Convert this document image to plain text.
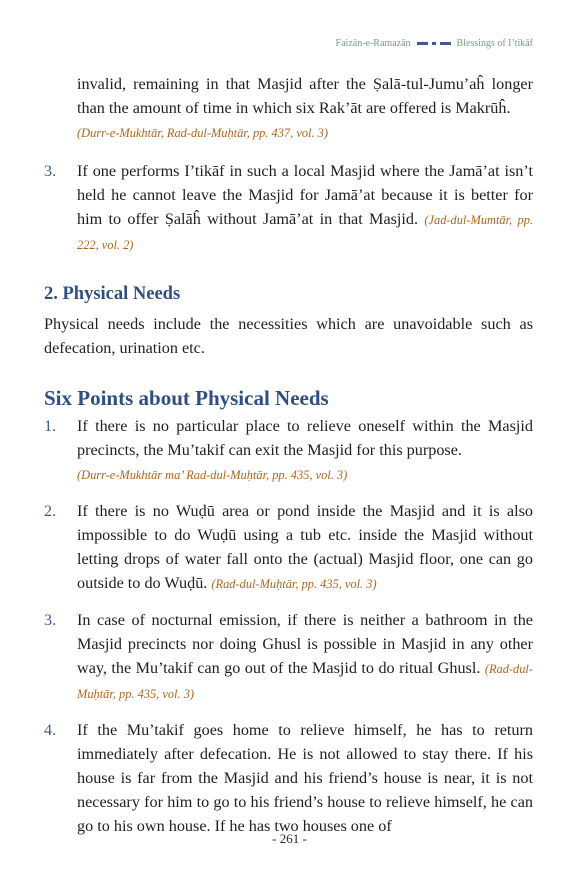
Faizān-e-Ramazān	Blessings of I’tikāf

invalid, remaining in that Masjid after the Ṣalā-tul-Jumu’aĥ longer than the amount of time in which six Rak’āt are offered is Makrūĥ.
(Durr-e-Mukhtār, Rad-dul-Muḥtār, pp. 437, vol. 3)

3.	If one performs I’tikāf in such a local Masjid where the Jamā’at isn’t held he cannot leave the Masjid for Jamā’at because it is better for him to offer Ṣalāĥ without Jamā’at in that Masjid. (Jad-dul-Mumtār, pp. 222, vol. 2)

2. Physical Needs

Physical needs include the necessities which are unavoidable such as defecation, urination etc.

Six Points about Physical Needs
1.	If there is no particular place to relieve oneself within the Masjid precincts, the Mu’takif can exit the Masjid for this purpose.
(Durr-e-Mukhtār ma’ Rad-dul-Muḥtār, pp. 435, vol. 3)

2.	If there is no Wuḍū area or pond inside the Masjid and it is also impossible to do Wuḍū using a tub etc. inside the Masjid without letting drops of water fall onto the (actual) Masjid floor, one can go outside to do Wuḍū. (Rad-dul-Muḥtār, pp. 435, vol. 3)

3.	In case of nocturnal emission, if there is neither a bathroom in the Masjid precincts nor doing Ghusl is possible in Masjid in any other way, the Mu’takif can go out of the Masjid to do ritual Ghusl. (Rad-dul-Muḥtār, pp. 435, vol. 3)

4.	If the Mu’takif goes home to relieve himself, he has to return immediately after defecation. He is not allowed to stay there. If his house is far from the Masjid and his friend’s house is near, it is not necessary for him to go to his friend’s house to relieve himself, he can go to his own house. If he has two houses one of

- 261 -
